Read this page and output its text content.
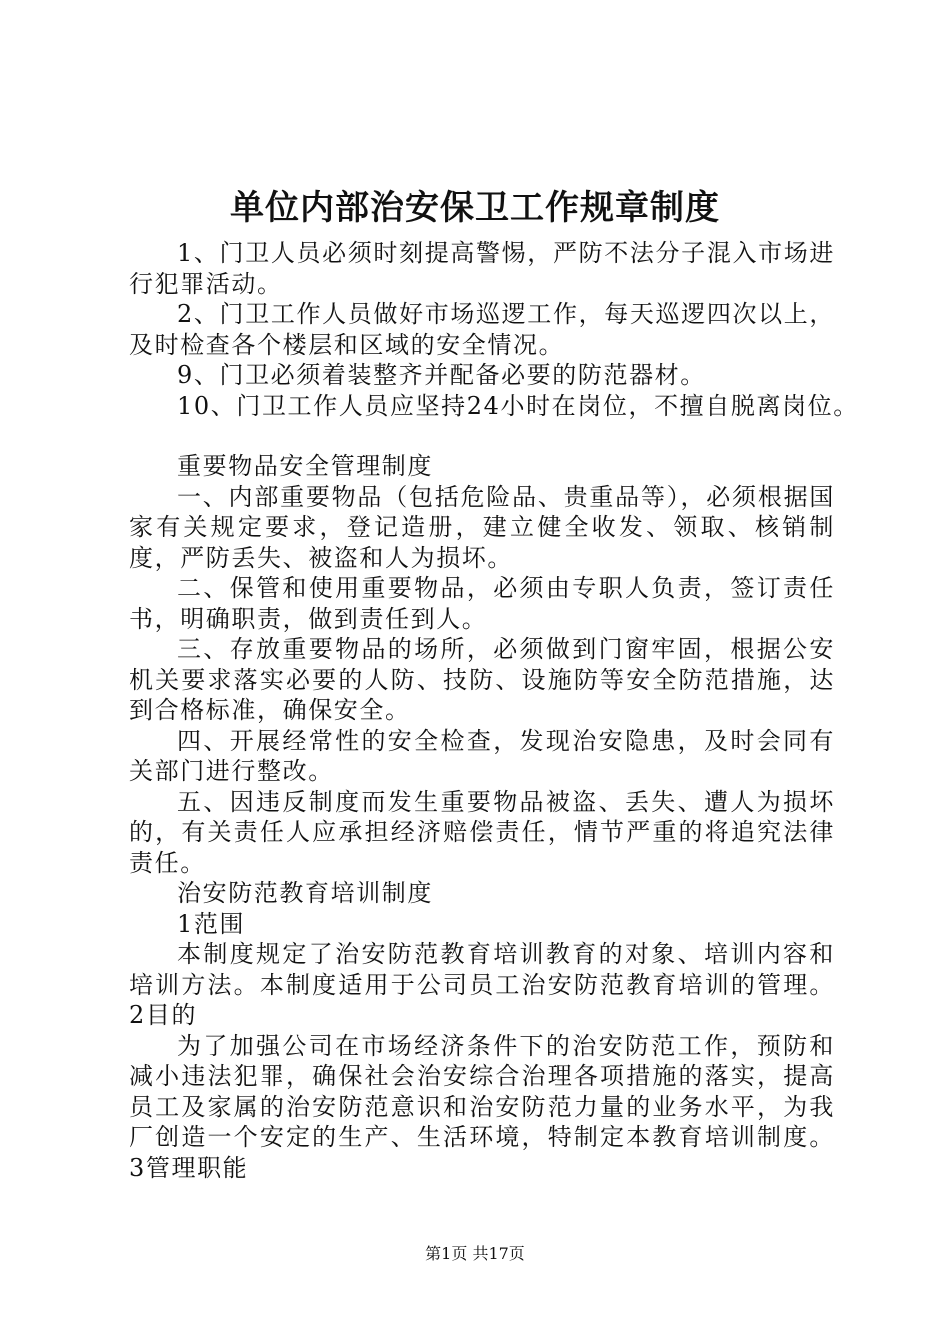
单位内部治安保卫工作规章制度

1、门卫人员必须时刻提高警惕，严防不法分子混入市场进行犯罪活动。

2、门卫工作人员做好市场巡逻工作，每天巡逻四次以上，及时检查各个楼层和区域的安全情况。

9、门卫必须着装整齐并配备必要的防范器材。

10、门卫工作人员应坚持24小时在岗位，不擅自脱离岗位。

重要物品安全管理制度

一、内部重要物品（包括危险品、贵重品等），必须根据国家有关规定要求，登记造册，建立健全收发、领取、核销制度，严防丢失、被盗和人为损坏。

二、保管和使用重要物品，必须由专职人负责，签订责任书，明确职责，做到责任到人。

三、存放重要物品的场所，必须做到门窗牢固，根据公安机关要求落实必要的人防、技防、设施防等安全防范措施，达到合格标准，确保安全。

四、开展经常性的安全检查，发现治安隐患，及时会同有关部门进行整改。

五、因违反制度而发生重要物品被盗、丢失、遭人为损坏的，有关责任人应承担经济赔偿责任，情节严重的将追究法律责任。

治安防范教育培训制度

1范围

本制度规定了治安防范教育培训教育的对象、培训内容和培训方法。本制度适用于公司员工治安防范教育培训的管理。2目的

为了加强公司在市场经济条件下的治安防范工作，预防和减小违法犯罪，确保社会治安综合治理各项措施的落实，提高员工及家属的治安防范意识和治安防范力量的业务水平，为我厂创造一个安定的生产、生活环境，特制定本教育培训制度。3管理职能

第1页 共17页
